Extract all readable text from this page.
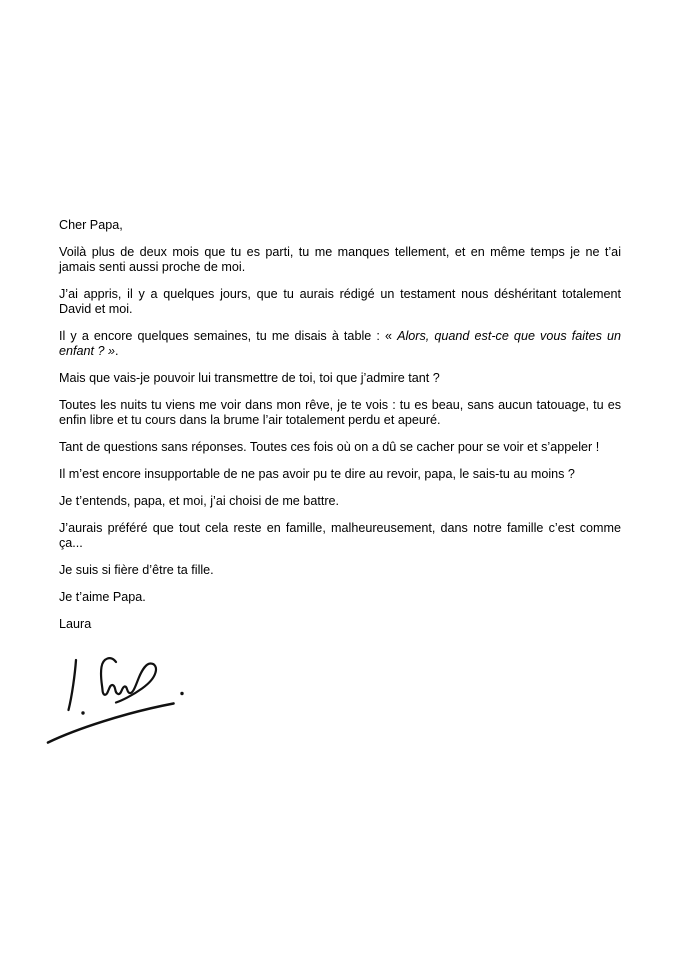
Cher Papa,
Voilà plus de deux mois que tu es parti, tu me manques tellement, et en même temps je ne t’ai
jamais senti aussi proche de moi.
J’ai appris, il y a quelques jours, que tu aurais rédigé un testament nous déshéritant totalement
David et moi.
Il y a encore quelques semaines, tu me disais à table : « Alors, quand est-ce que vous faites un
enfant ? ».
Mais que vais-je pouvoir lui transmettre de toi, toi que j’admire tant ?
Toutes les nuits tu viens me voir dans mon rêve, je te vois : tu es beau, sans aucun tatouage, tu es
enfin libre et tu cours dans la brume l’air totalement perdu et apeuré.
Tant de questions sans réponses. Toutes ces fois où on a dû se cacher pour se voir et s’appeler !
Il m’est encore insupportable de ne pas avoir pu te dire au revoir, papa, le sais-tu au moins ?
Je t’entends, papa, et moi, j’ai choisi de me battre.
J’aurais préféré que tout cela reste en famille, malheureusement, dans notre famille c’est comme
ça...
Je suis si fière d’être ta fille.
Je t’aime Papa.
Laura
